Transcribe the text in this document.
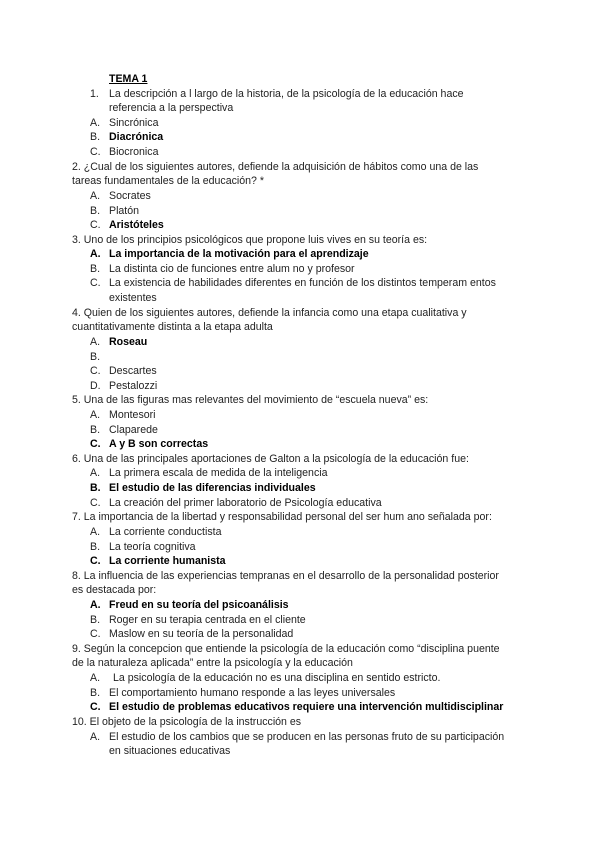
TEMA 1
1. La descripción a l largo de la historia, de la psicología de la educación hace
referencia a la perspectiva
A. Sincrónica
B. Diacrónica
C. Biocronica
2. ¿Cual de los siguientes autores, defiende la adquisición de hábitos como una de las
tareas fundamentales de la educación? *
A. Socrates
B. Platón
C. Aristóteles
3. Uno de los principios psicológicos que propone luis vives en su teoría es:
A. La importancia de la motivación para el aprendizaje
B. La distinta cio de funciones entre alum no y profesor
C. La existencia de habilidades diferentes en función de los distintos temperam entos
existentes
4. Quien de los siguientes autores, defiende la infancia como una etapa cualitativa y
cuantitativamente distinta a la etapa adulta
A. Roseau
B.
C. Descartes
D. Pestalozzi
5. Una de las figuras mas relevantes del movimiento de “escuela nueva” es:
A. Montesori
B. Claparede
C. A y B son correctas
6. Una de las principales aportaciones de Galton a la psicología de la educación fue:
A. La primera escala de medida de la inteligencia
B. El estudio de las diferencias individuales
C. La creación del primer laboratorio de Psicología educativa
7. La importancia de la libertad y responsabilidad personal del ser hum ano señalada por:
A. La corriente conductista
B. La teoría cognitiva
C. La corriente humanista
8. La influencia de las experiencias tempranas en el desarrollo de la personalidad posterior
es destacada por:
A. Freud en su teoría del psicoanálisis
B. Roger en su terapia centrada en el cliente
C. Maslow en su teoría de la personalidad
9. Según la concepcion que entiende la psicología de la educación como “disciplina puente
de la naturaleza aplicada” entre la psicología y la educación
A. La psicología de la educación no es una disciplina en sentido estricto.
B. El comportamiento humano responde a las leyes universales
C. El estudio de problemas educativos requiere una intervención multidisciplinar
10. El objeto de la psicología de la instrucción es
A. El estudio de los cambios que se producen en las personas fruto de su participación
en situaciones educativas
